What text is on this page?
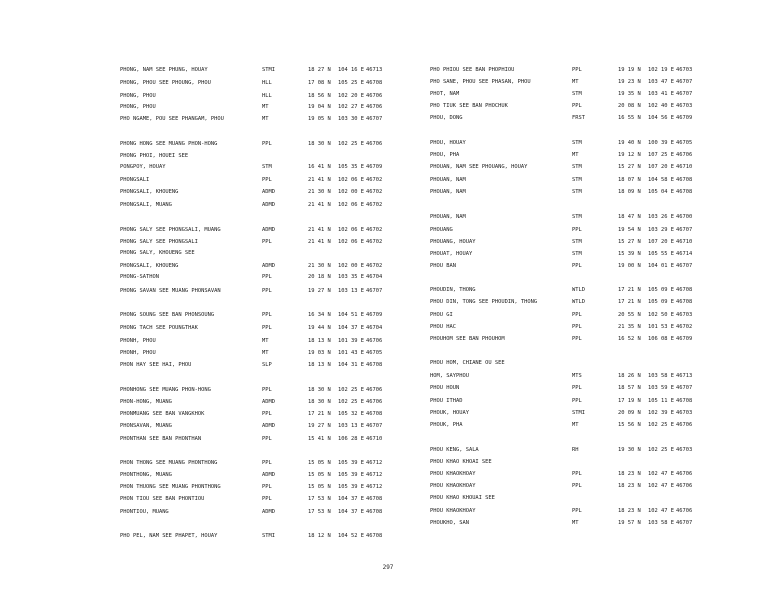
PHONG, NAM SEE PHUNG, HOUAY	STMI	18 27 N 104 16 E 46713
PHONG, PHOU SEE PHOUNG, PHOU	HLL	17 08 N 105 25 E 46708
PHONG, PHOU	HLL	18 56 N 102 20 E 46706
PHONG, PHOU	MT	19 04 N 102 27 E 46706
PHO NGAME, POU SEE PHANGAM, PHOU	MT	19 05 N 103 30 E 46707
PHONG HONG SEE MUANG PHON-HONG	PPL	18 30 N 102 25 E 46706
PHONG PHOI, HOUEI SEE
PONGPOY, HOUAY	STM	16 41 N 105 35 E 46709
PHONGSALI	PPL	21 41 N 102 06 E 46702
PHONGSALI, KHOUENG	ADMD	21 30 N 102 00 E 46702
PHONGSALI, MUANG	ADMD	21 41 N 102 06 E 46702
PHONG SALY SEE PHONGSALI, MUANG	ADMD	21 41 N 102 06 E 46702
PHONG SALY SEE PHONGSALI	PPL	21 41 N 102 06 E 46702
PHONG SALY, KHOUENG SEE
PHONGSALI, KHOUENG	ADMD	21 30 N 102 00 E 46702
PHONG-SATHON	PPL	20 18 N 103 35 E 46704
PHONG SAVAN SEE MUANG PHONSAVAN	PPL	19 27 N 103 13 E 46707
PHONG SOUNG SEE BAN PHONSOUNG	PPL	16 34 N 104 51 E 46709
PHONG TACH SEE POUNGTHAK	PPL	19 44 N 104 37 E 46704
PHONH, PHOU	MT	18 13 N 101 39 E 46706
PHONH, PHOU	MT	19 03 N 101 43 E 46705
PHON HAY SEE HAI, PHOU	SLP	18 13 N 104 31 E 46708
PHONHONG SEE MUANG PHON-HONG	PPL	18 30 N 102 25 E 46706
PHON-HONG, MUANG	ADMD	18 30 N 102 25 E 46706
PHONMUANG SEE BAN VANGKHOK	PPL	17 21 N 105 32 E 46708
PHONSAVAN, MUANG	ADMD	19 27 N 103 13 E 46707
PHONTHAN SEE BAN PHONTHAN	PPL	15 41 N 106 28 E 46710
PHON THONG SEE MUANG PHONTHONG	PPL	15 05 N 105 39 E 46712
PHONTHONG, MUANG	ADMD	15 05 N 105 39 E 46712
PHON THUONG SEE MUANG PHONTHONG	PPL	15 05 N 105 39 E 46712
PHON TIOU SEE BAN PHONTIOU	PPL	17 53 N 104 37 E 46708
PHONTIOU, MUANG	ADMD	17 53 N 104 37 E 46708
PHO PEL, NAM SEE PHAPET, HOUAY	STMI	18 12 N 104 52 E 46708
PHO PHIOU SEE BAN PHOPHIOU	PPL	19 19 N 102 19 E 46703
PHO SANE, PHOU SEE PHASAN, PHOU	MT	19 23 N 103 47 E 46707
PHOT, NAM	STM	19 35 N 103 41 E 46707
PHO TIUK SEE BAN PHOCHUK	PPL	20 08 N 102 40 E 46703
PHOU, DONG	FRST	16 55 N 104 56 E 46709
PHOU, HOUAY	STM	19 40 N 100 39 E 46705
PHOU, PHA	MT	19 12 N 107 25 E 46706
PHOUAN, NAM SEE PHOUANG, HOUAY	STM	15 27 N 107 20 E 46710
PHOUAN, NAM	STM	18 07 N 104 58 E 46708
PHOUAN, NAM	STM	18 09 N 105 04 E 46708
PHOUAN, NAM	STM	18 47 N 103 26 E 46700
PHOUANG	PPL	19 54 N 103 29 E 46707
PHOUANG, HOUAY	STM	15 27 N 107 20 E 46710
PHOUAT, HOUAY	STM	15 39 N 105 55 E 46714
PHOU BAN	PPL	19 00 N 104 01 E 46707
PHOUDIN, THONG	WTLD	17 21 N 105 09 E 46708
PHOU DIN, TONG SEE PHOUDIN, THONG	WTLD	17 21 N 105 09 E 46708
PHOU GI	PPL	20 55 N 102 50 E 46703
PHOU HAC	PPL	21 35 N 101 53 E 46702
PHOUHOM SEE BAN PHOUHOM	PPL	16 52 N 106 08 E 46709
PHOU HOM, CHIANE OU SEE
HOM, SAYPHOU	MTS	18 26 N 103 58 E 46713
PHOU HOUN	PPL	18 57 N 103 59 E 46707
PHOU ITHAD	PPL	17 19 N 105 11 E 46708
PHOUK, HOUAY	STMI	20 09 N 102 39 E 46703
PHOUK, PHA	MT	15 56 N 102 25 E 46706
PHOU KENG, SALA	RH	19 30 N 102 25 E 46703
PHOU KHAO KHOAI SEE
PHOU KHAOKHOAY	PPL	18 23 N 102 47 E 46706
PHOU KHAOKHOAY	PPL	18 23 N 102 47 E 46706
PHOU KHAO KHOUAI SEE
PHOU KHAOKHOAY	PPL	18 23 N 102 47 E 46706
PHOUKHO, SAN	MT	19 57 N 103 58 E 46707
297
